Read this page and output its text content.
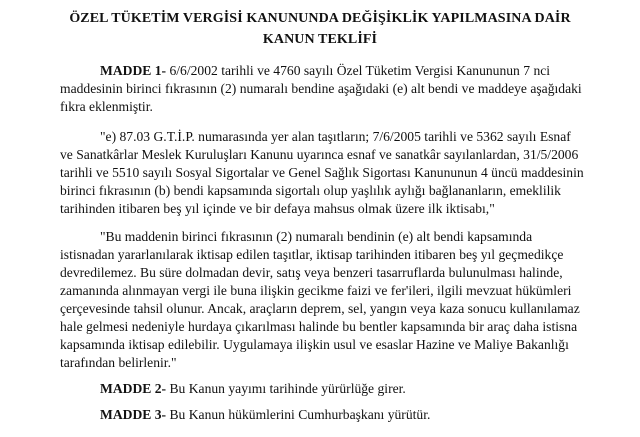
ÖZEL TÜKETİM VERGİSİ KANUNUNDA DEĞİŞİKLİK YAPILMASINA DAİR
KANUN TEKLİFİ
MADDE 1- 6/6/2002 tarihli ve 4760 sayılı Özel Tüketim Vergisi Kanununun 7 nci
maddesinin birinci fıkrasının (2) numaralı bendine aşağıdaki (e) alt bendi ve maddeye aşağıdaki
fıkra eklenmiştir.
"e) 87.03 G.T.İ.P. numarasında yer alan taşıtların; 7/6/2005 tarihli ve 5362 sayılı Esnaf
ve Sanatkârlar Meslek Kuruluşları Kanunu uyarınca esnaf ve sanatkâr sayılanlardan, 31/5/2006
tarihli ve 5510 sayılı Sosyal Sigortalar ve Genel Sağlık Sigortası Kanununun 4 üncü maddesinin
birinci fıkrasının (b) bendi kapsamında sigortalı olup yaşlılık aylığı bağlananların, emeklilik
tarihinden itibaren beş yıl içinde ve bir defaya mahsus olmak üzere ilk iktisabı,"
"Bu maddenin birinci fıkrasının (2) numaralı bendinin (e) alt bendi kapsamında
istisnadan yararlanılarak iktisap edilen taşıtlar, iktisap tarihinden itibaren beş yıl geçmedikçe
devredilemez. Bu süre dolmadan devir, satış veya benzeri tasarruflarda bulunulması halinde,
zamanında alınmayan vergi ile buna ilişkin gecikme faizi ve fer'ileri, ilgili mevzuat hükümleri
çerçevesinde tahsil olunur. Ancak, araçların deprem, sel, yangın veya kaza sonucu kullanılamaz
hale gelmesi nedeniyle hurdaya çıkarılması halinde bu bentler kapsamında bir araç daha istisna
kapsamında iktisap edilebilir. Uygulamaya ilişkin usul ve esaslar Hazine ve Maliye Bakanlığı
tarafından belirlenir."
MADDE 2- Bu Kanun yayımı tarihinde yürürlüğe girer.
MADDE 3- Bu Kanun hükümlerini Cumhurbaşkanı yürütür.
